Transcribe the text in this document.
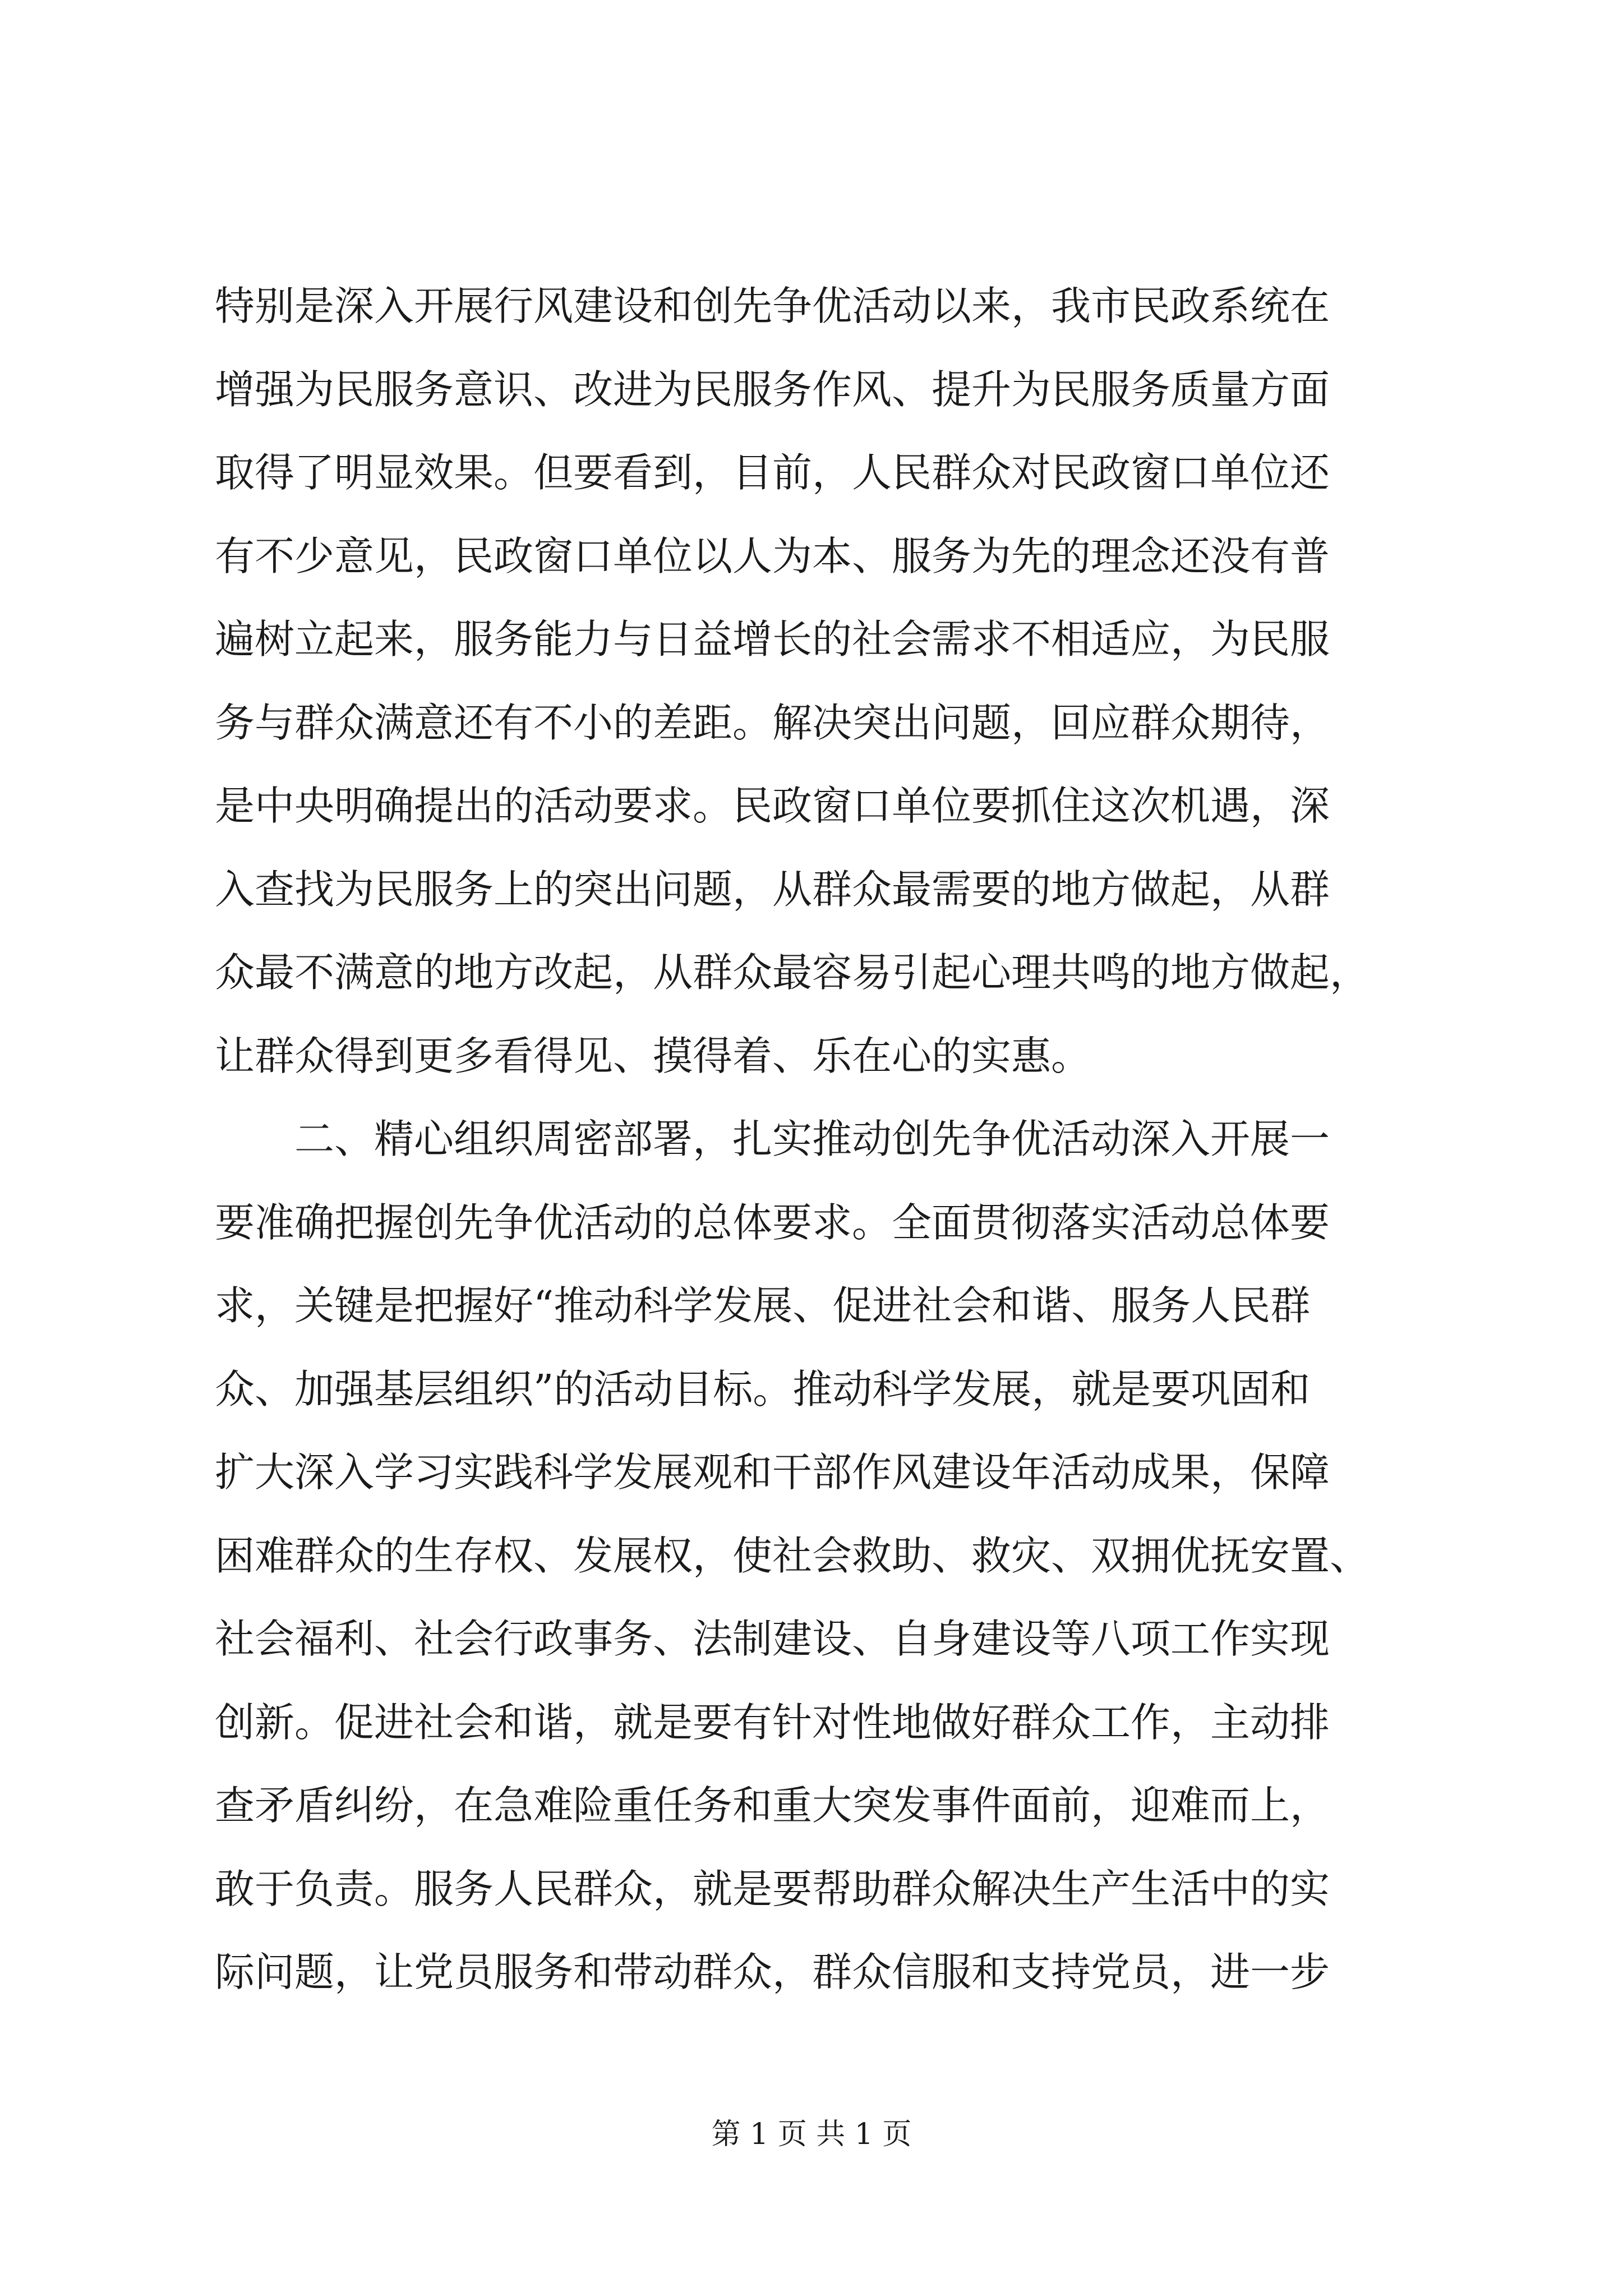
特别是深入开展行风建设和创先争优活动以来，我市民政系统在
增强为民服务意识、改进为民服务作风、提升为民服务质量方面
取得了明显效果。但要看到，目前，人民群众对民政窗口单位还
有不少意见，民政窗口单位以人为本、服务为先的理念还没有普
遍树立起来，服务能力与日益增长的社会需求不相适应，为民服
务与群众满意还有不小的差距。解决突出问题，回应群众期待，
是中央明确提出的活动要求。民政窗口单位要抓住这次机遇，深
入查找为民服务上的突出问题，从群众最需要的地方做起，从群
众最不满意的地方改起，从群众最容易引起心理共鸣的地方做起，
让群众得到更多看得见、摸得着、乐在心的实惠。
二、精心组织周密部署，扎实推动创先争优活动深入开展一
要准确把握创先争优活动的总体要求。全面贯彻落实活动总体要
求，关键是把握好“推动科学发展、促进社会和谐、服务人民群
众、加强基层组织”的活动目标。推动科学发展，就是要巩固和
扩大深入学习实践科学发展观和干部作风建设年活动成果，保障
困难群众的生存权、发展权，使社会救助、救灾、双拥优抚安置、
社会福利、社会行政事务、法制建设、自身建设等八项工作实现
创新。促进社会和谐，就是要有针对性地做好群众工作，主动排
查矛盾纠纷，在急难险重任务和重大突发事件面前，迎难而上，
敢于负责。服务人民群众，就是要帮助群众解决生产生活中的实
际问题，让党员服务和带动群众，群众信服和支持党员，进一步
第 1 页 共 1 页
